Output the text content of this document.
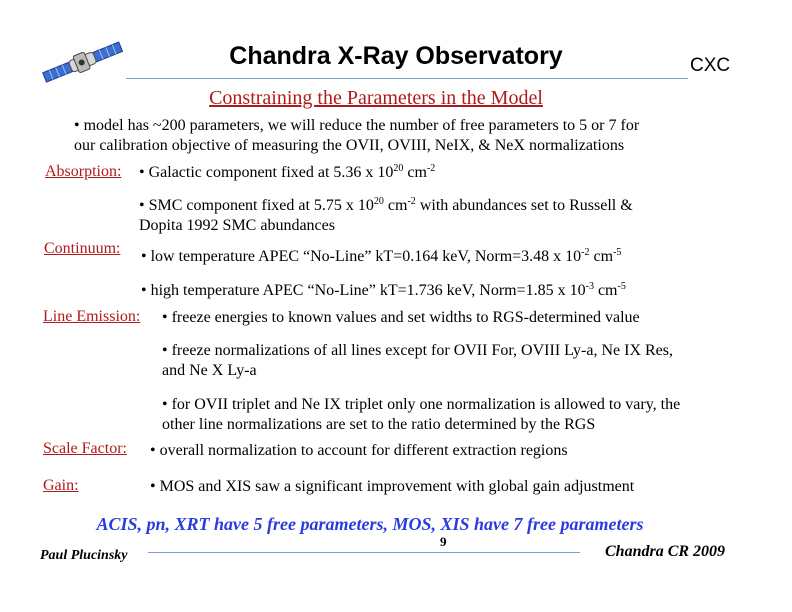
Chandra X-Ray Observatory	CXC
Constraining the Parameters in the Model
• model has ~200 parameters, we will reduce the number of free parameters to 5 or 7 for
our calibration objective of measuring the OVII, OVIII, NeIX, & NeX normalizations
Absorption: • Galactic component fixed at 5.36 x $10^{20}$ $cm^{-2}$
• SMC component fixed at 5.75 x $10^{20}$ $cm^{-2}$ with abundances set to Russell &
Dopita 1992 SMC abundances
Continuum: • low temperature APEC “No-Line” kT=0.164 keV, Norm=3.48 x $10^{-2}$ $cm^{-5}$
• high temperature APEC “No-Line” kT=1.736 keV, Norm=1.85 x $10^{-3}$ $cm^{-5}$
Line Emission: • freeze energies to known values and set widths to RGS-determined value
• freeze normalizations of all lines except for OVII For, OVIII Ly-a, Ne IX Res,
and Ne X Ly-a
• for OVII triplet and Ne IX triplet only one normalization is allowed to vary, the
other line normalizations are set to the ratio determined by the RGS
Scale Factor: • overall normalization to account for different extraction regions
Gain:	• MOS and XIS saw a significant improvement with global gain adjustment
ACIS, pn, XRT have 5 free parameters, MOS, XIS have 7 free parameters
9
Paul Plucinsky	Chandra CR 2009
